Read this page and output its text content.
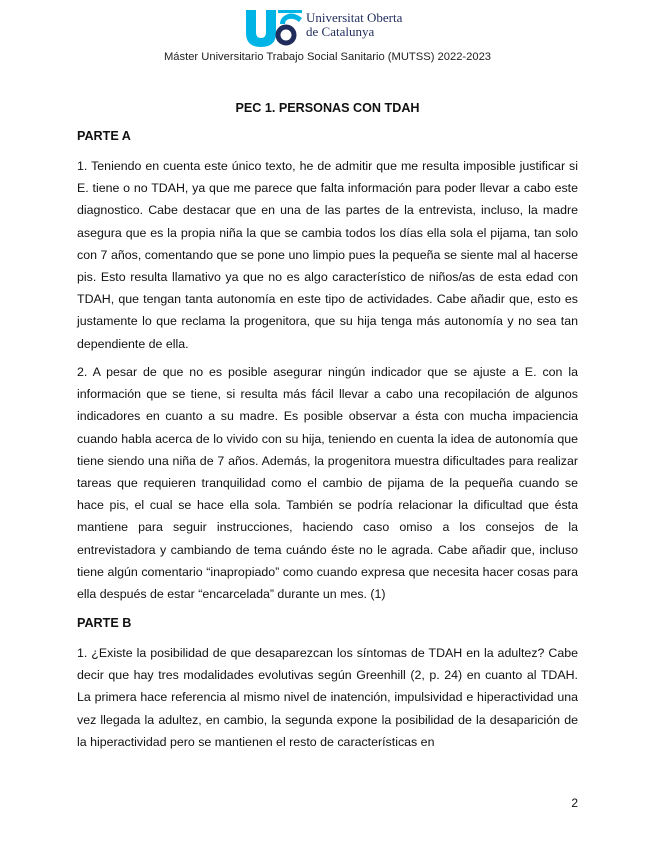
Universitat Oberta
de Catalunya
Máster Universitario Trabajo Social Sanitario (MUTSS) 2022-2023
PEC 1. PERSONAS CON TDAH
PARTE A

1. Teniendo en cuenta este único texto, he de admitir que me resulta imposible justificar si E. tiene o no TDAH, ya que me parece que falta información para poder llevar a cabo este diagnostico. Cabe destacar que en una de las partes de la entrevista, incluso, la madre asegura que es la propia niña la que se cambia todos los días ella sola el pijama, tan solo con 7 años, comentando que se pone uno limpio pues la pequeña se siente mal al hacerse pis. Esto resulta llamativo ya que no es algo característico de niños/as de esta edad con TDAH, que tengan tanta autonomía en este tipo de actividades. Cabe añadir que, esto es justamente lo que reclama la progenitora, que su hija tenga más autonomía y no sea tan dependiente de ella.

2. A pesar de que no es posible asegurar ningún indicador que se ajuste a E. con la información que se tiene, si resulta más fácil llevar a cabo una recopilación de algunos indicadores en cuanto a su madre. Es posible observar a ésta con mucha impaciencia cuando habla acerca de lo vivido con su hija, teniendo en cuenta la idea de autonomía que tiene siendo una niña de 7 años. Además, la progenitora muestra dificultades para realizar tareas que requieren tranquilidad como el cambio de pijama de la pequeña cuando se hace pis, el cual se hace ella sola. También se podría relacionar la dificultad que ésta mantiene para seguir instrucciones, haciendo caso omiso a los consejos de la entrevistadora y cambiando de tema cuándo éste no le agrada. Cabe añadir que, incluso tiene algún comentario “inapropiado” como cuando expresa que necesita hacer cosas para ella después de estar “encarcelada” durante un mes. (1)

PARTE B

1. ¿Existe la posibilidad de que desaparezcan los síntomas de TDAH en la adultez? Cabe decir que hay tres modalidades evolutivas según Greenhill (2, p. 24) en cuanto al TDAH. La primera hace referencia al mismo nivel de inatención, impulsividad e hiperactividad una vez llegada la adultez, en cambio, la segunda expone la posibilidad de la desaparición de la hiperactividad pero se mantienen el resto de características en

2
